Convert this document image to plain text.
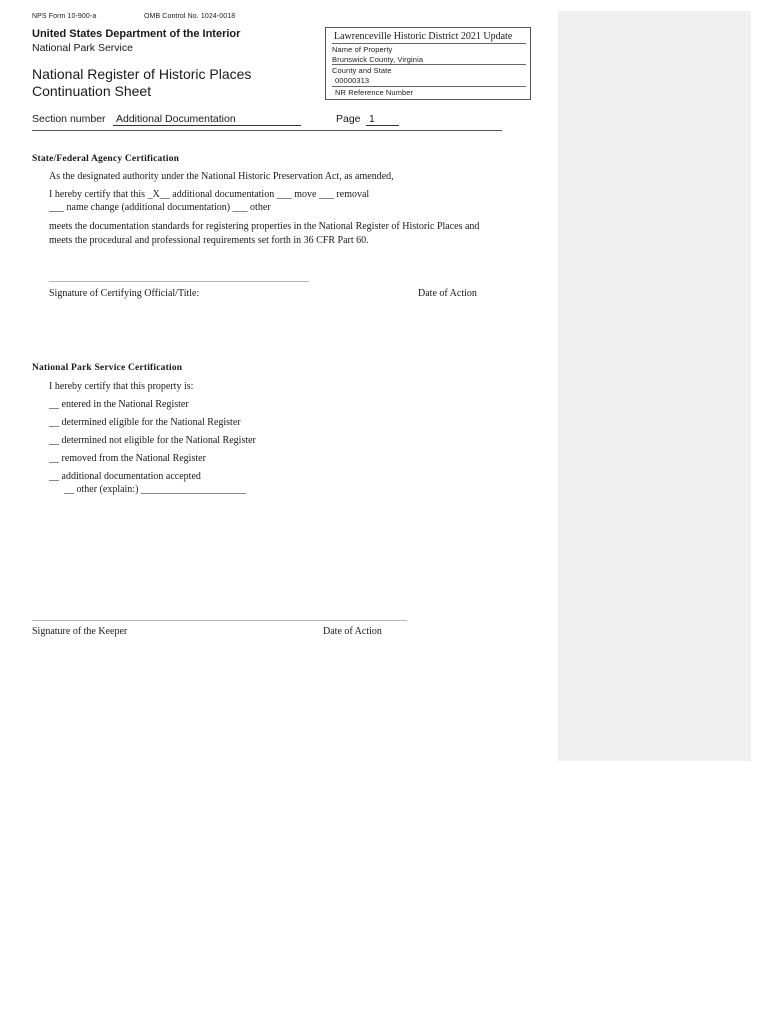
NPS Form 10-900-a	OMB Control No. 1024-0018
United States Department of the Interior
National Park Service
National Register of Historic Places
Continuation Sheet
Lawrenceville Historic District 2021 Update
Name of Property
Brunswick County, Virginia
County and State
00000313
NR Reference Number
Section number Additional Documentation	Page 1
State/Federal Agency Certification
As the designated authority under the National Historic Preservation Act, as amended,
I hereby certify that this _X__ additional documentation ___ move ___ removal
___ name change (additional documentation) ___ other
meets the documentation standards for registering properties in the National Register of Historic Places and
meets the procedural and professional requirements set forth in 36 CFR Part 60.
____________________________________________________
Signature of Certifying Official/Title:	Date of Action
National Park Service Certification
I hereby certify that this property is:
__ entered in the National Register
__ determined eligible for the National Register
__ determined not eligible for the National Register
__ removed from the National Register
__ additional documentation accepted
__ other (explain:) _____________________
___________________________________________________________________________
Signature of the Keeper	Date of Action
